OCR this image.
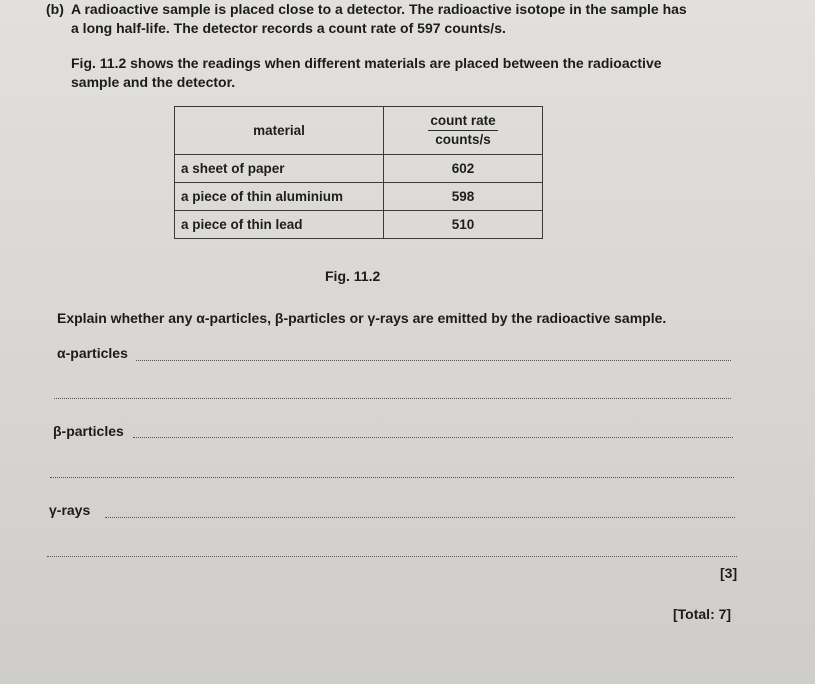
(b) A radioactive sample is placed close to a detector. The radioactive isotope in the sample has
a long half-life. The detector records a count rate of 597 counts/s.
Fig. 11.2 shows the readings when different materials are placed between the radioactive
sample and the detector.
material	$\frac{\text{count rate}}{\text{counts/s}}$

a sheet of paper	602
a piece of thin aluminium	598
a piece of thin lead	510
Fig. 11.2
Explain whether any α-particles, β-particles or γ-rays are emitted by the radioactive sample.
α-particles
β-particles
γ-rays
[3]
[Total: 7]
